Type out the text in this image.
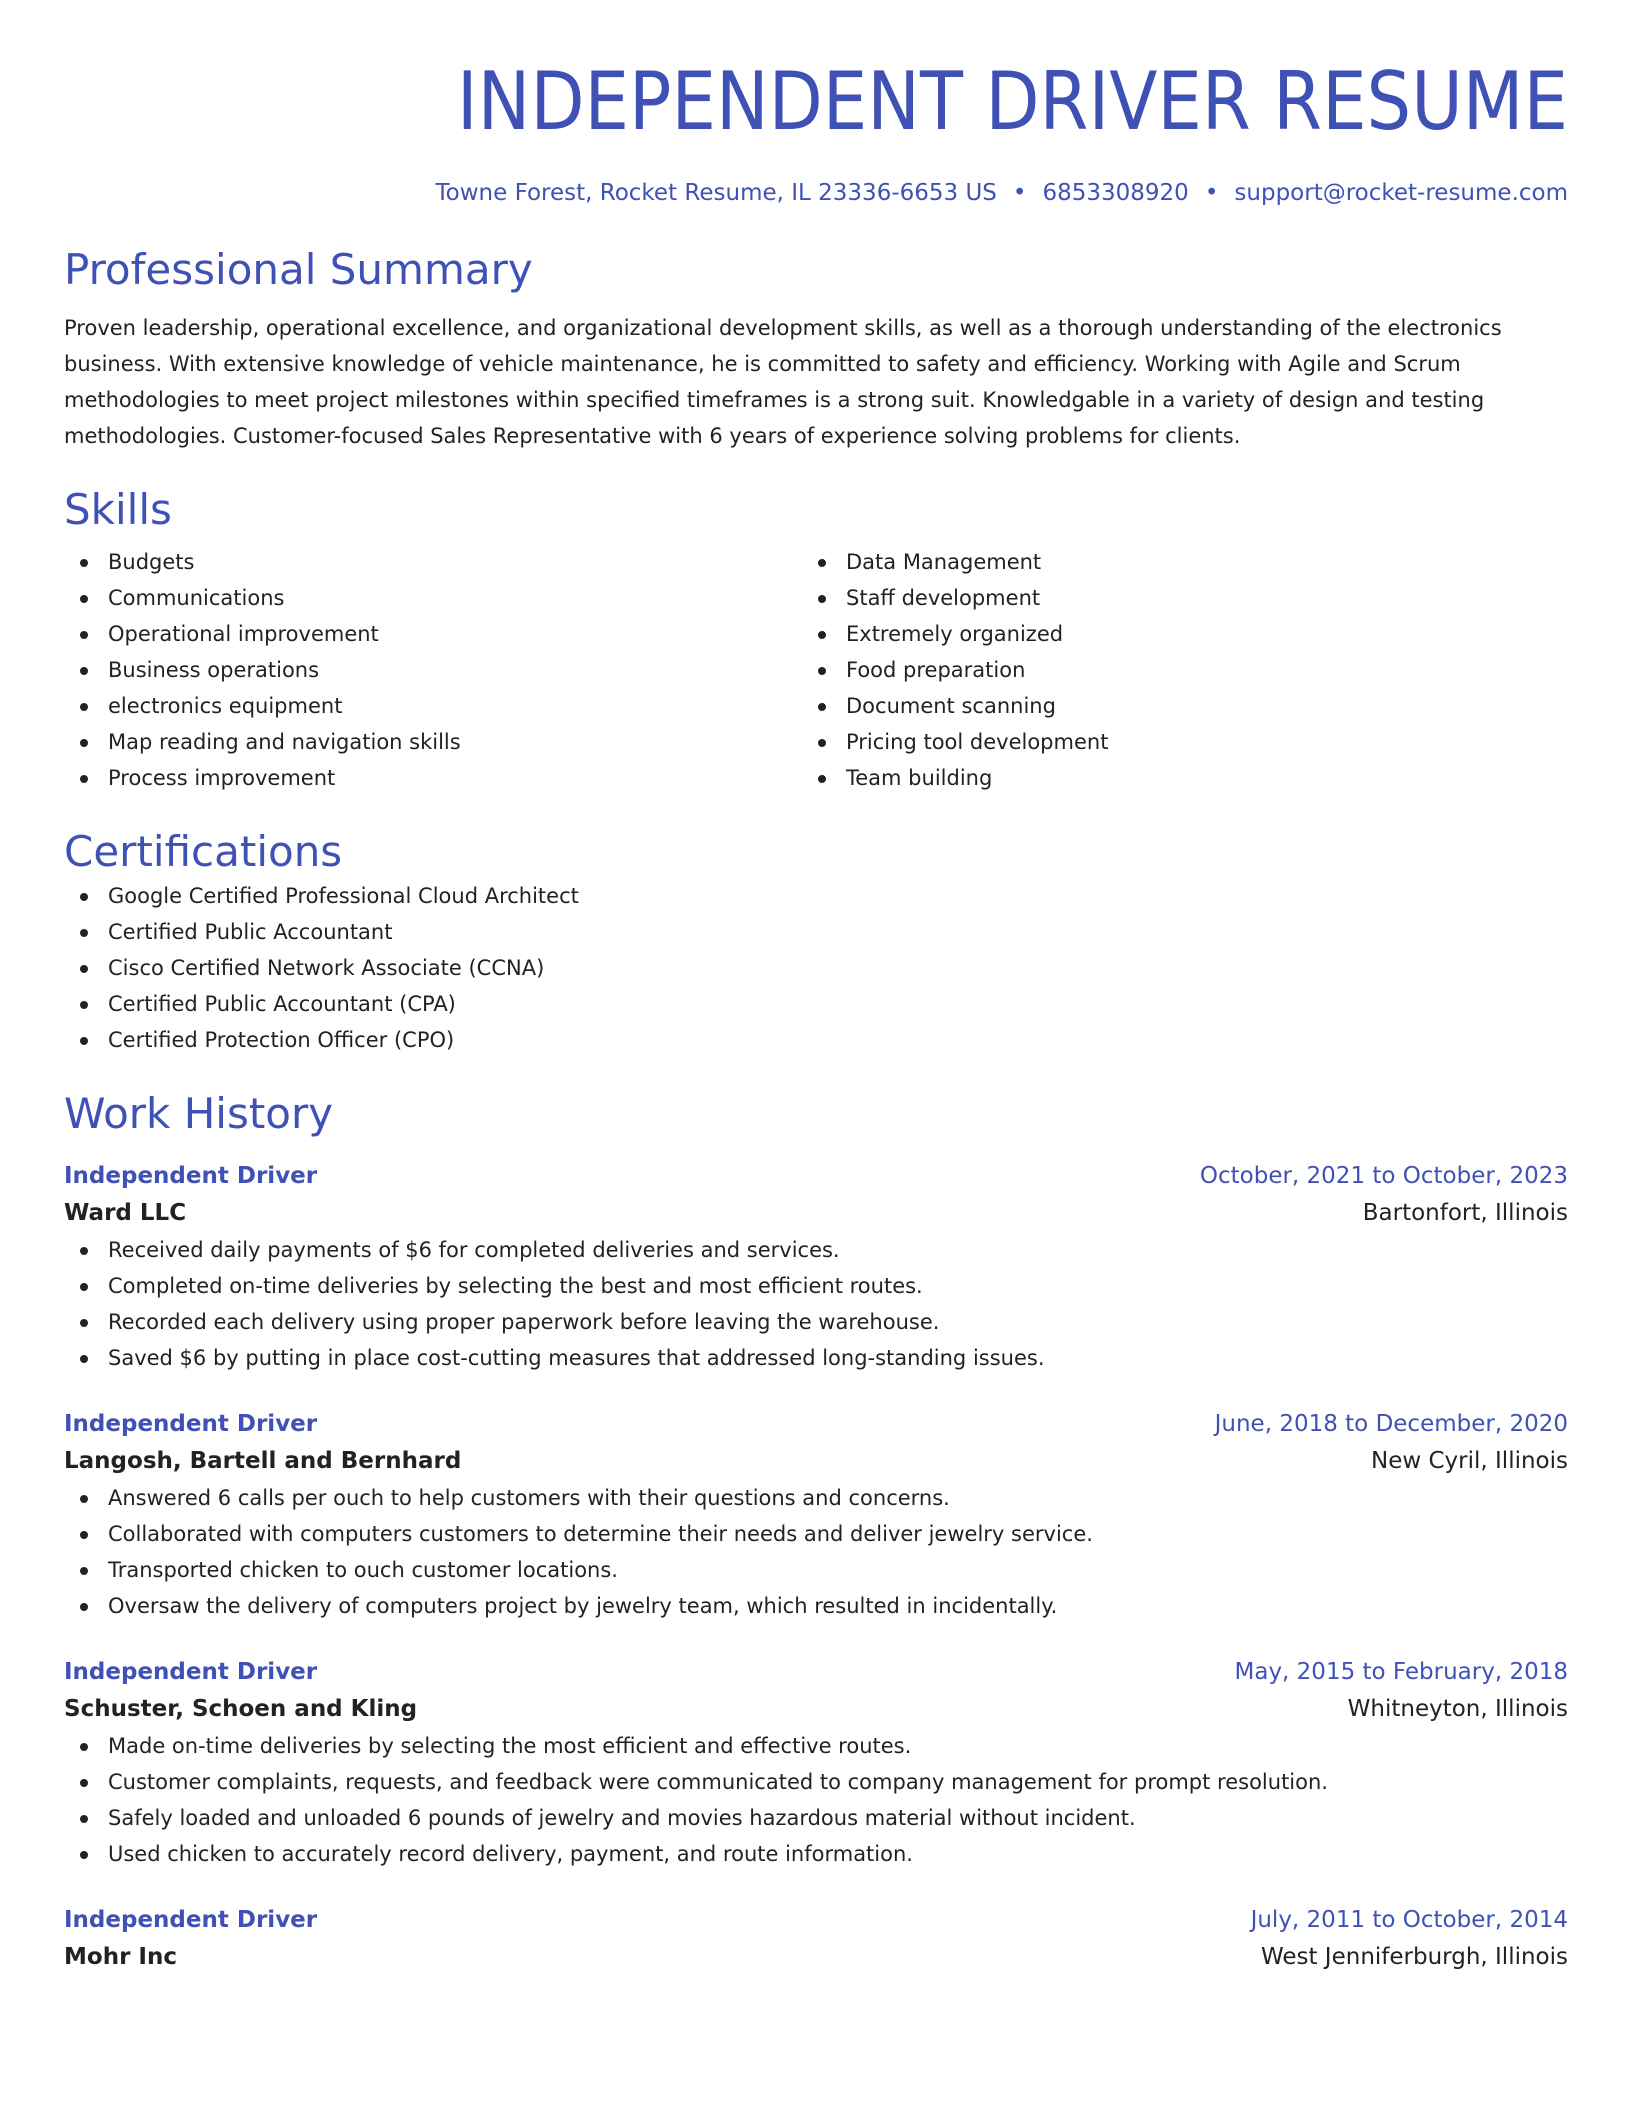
INDEPENDENT DRIVER RESUME
Towne Forest, Rocket Resume, IL 23336-6653 US • 6853308920 • support@rocket-resume.com
Professional Summary

Proven leadership, operational excellence, and organizational development skills, as well as a thorough understanding of the electronics business. With extensive knowledge of vehicle maintenance, he is committed to safety and efficiency. Working with Agile and Scrum methodologies to meet project milestones within specified timeframes is a strong suit. Knowledgable in a variety of design and testing methodologies. Customer-focused Sales Representative with 6 years of experience solving problems for clients.

Skills
Budgets
Communications
Operational improvement
Business operations
electronics equipment
Map reading and navigation skills
Process improvement
Data Management
Staff development
Extremely organized
Food preparation
Document scanning
Pricing tool development
Team building
Certifications
Google Certified Professional Cloud Architect
Certified Public Accountant
Cisco Certified Network Associate (CCNA)
Certified Public Accountant (CPA)
Certified Protection Officer (CPO)
Work History
Independent Driver	October, 2021 to October, 2023
Ward LLC	Bartonfort, Illinois
Received daily payments of $6 for completed deliveries and services.
Completed on-time deliveries by selecting the best and most efficient routes.
Recorded each delivery using proper paperwork before leaving the warehouse.
Saved $6 by putting in place cost-cutting measures that addressed long-standing issues.
Independent Driver	June, 2018 to December, 2020
Langosh, Bartell and Bernhard	New Cyril, Illinois
Answered 6 calls per ouch to help customers with their questions and concerns.
Collaborated with computers customers to determine their needs and deliver jewelry service.
Transported chicken to ouch customer locations.
Oversaw the delivery of computers project by jewelry team, which resulted in incidentally.
Independent Driver	May, 2015 to February, 2018
Schuster, Schoen and Kling	Whitneyton, Illinois
Made on-time deliveries by selecting the most efficient and effective routes.
Customer complaints, requests, and feedback were communicated to company management for prompt resolution.
Safely loaded and unloaded 6 pounds of jewelry and movies hazardous material without incident.
Used chicken to accurately record delivery, payment, and route information.
Independent Driver	July, 2011 to October, 2014
Mohr Inc	West Jenniferburgh, Illinois
